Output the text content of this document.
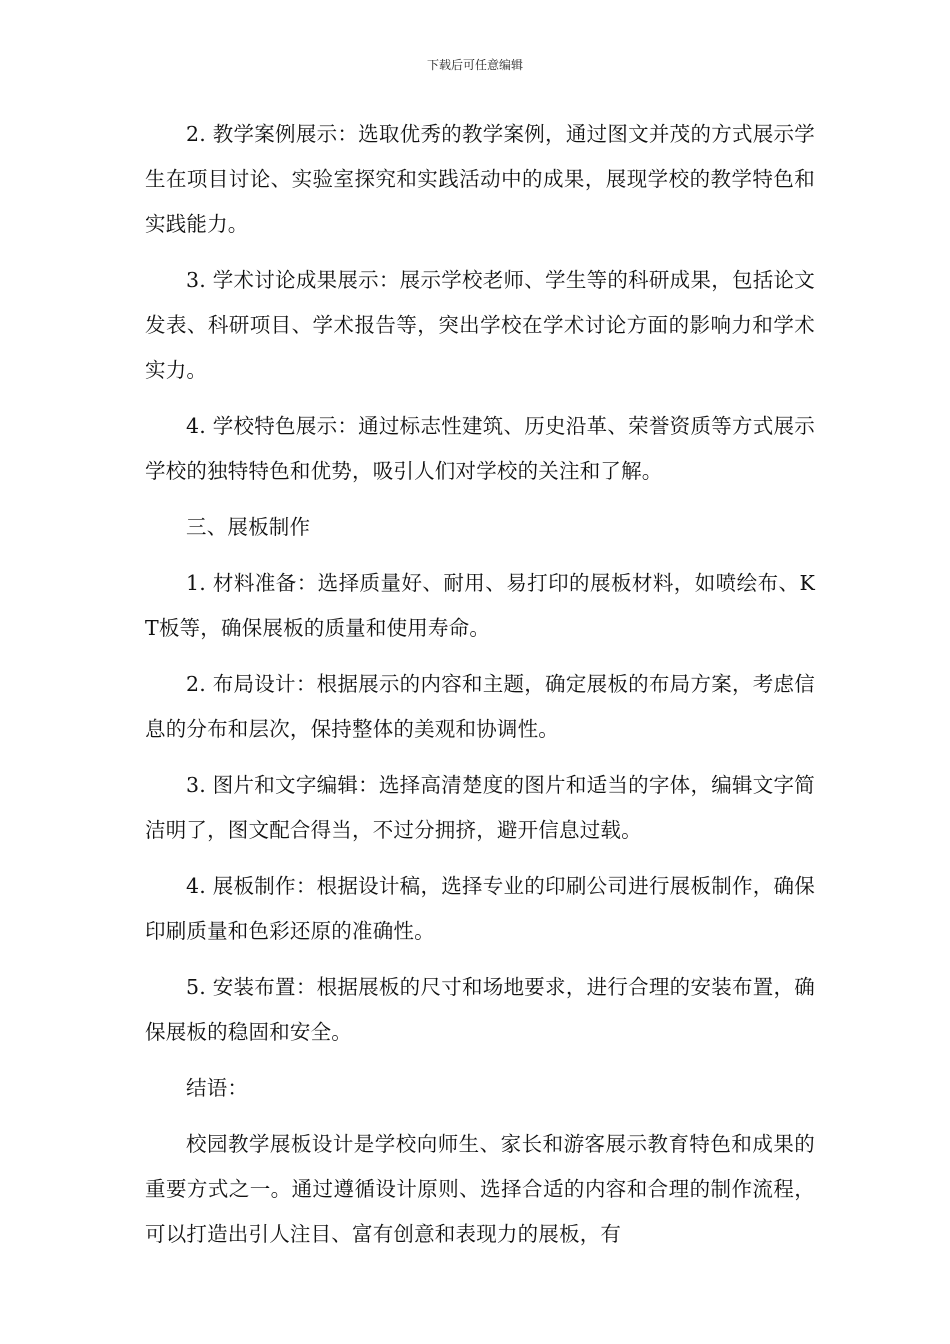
下载后可任意编辑

2. 教学案例展示：选取优秀的教学案例，通过图文并茂的方式展示学生在项目讨论、实验室探究和实践活动中的成果，展现学校的教学特色和实践能力。

3. 学术讨论成果展示：展示学校老师、学生等的科研成果，包括论文发表、科研项目、学术报告等，突出学校在学术讨论方面的影响力和学术实力。

4. 学校特色展示：通过标志性建筑、历史沿革、荣誉资质等方式展示学校的独特特色和优势，吸引人们对学校的关注和了解。

三、展板制作

1. 材料准备：选择质量好、耐用、易打印的展板材料，如喷绘布、KT板等，确保展板的质量和使用寿命。

2. 布局设计：根据展示的内容和主题，确定展板的布局方案，考虑信息的分布和层次，保持整体的美观和协调性。

3. 图片和文字编辑：选择高清楚度的图片和适当的字体，编辑文字简洁明了，图文配合得当，不过分拥挤，避开信息过载。

4. 展板制作：根据设计稿，选择专业的印刷公司进行展板制作，确保印刷质量和色彩还原的准确性。

5. 安装布置：根据展板的尺寸和场地要求，进行合理的安装布置，确保展板的稳固和安全。

结语：

校园教学展板设计是学校向师生、家长和游客展示教育特色和成果的重要方式之一。通过遵循设计原则、选择合适的内容和合理的制作流程，可以打造出引人注目、富有创意和表现力的展板，有
